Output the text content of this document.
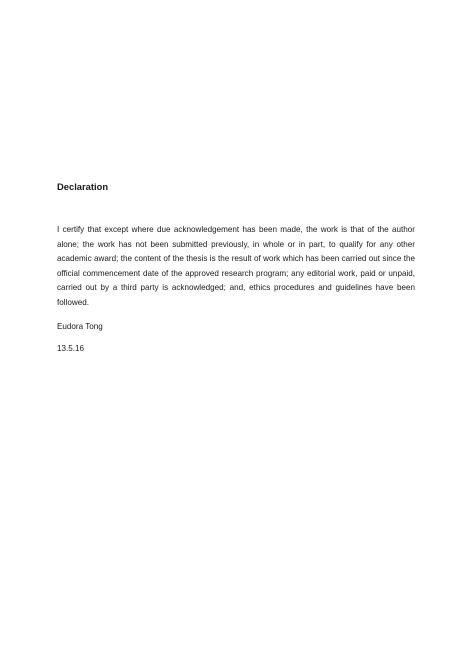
Declaration

I certify that except where due acknowledgement has been made, the work is that of the author alone; the work has not been submitted previously, in whole or in part, to qualify for any other academic award; the content of the thesis is the result of work which has been carried out since the official commencement date of the approved research program; any editorial work, paid or unpaid, carried out by a third party is acknowledged; and, ethics procedures and guidelines have been followed.

Eudora Tong
13.5.16
